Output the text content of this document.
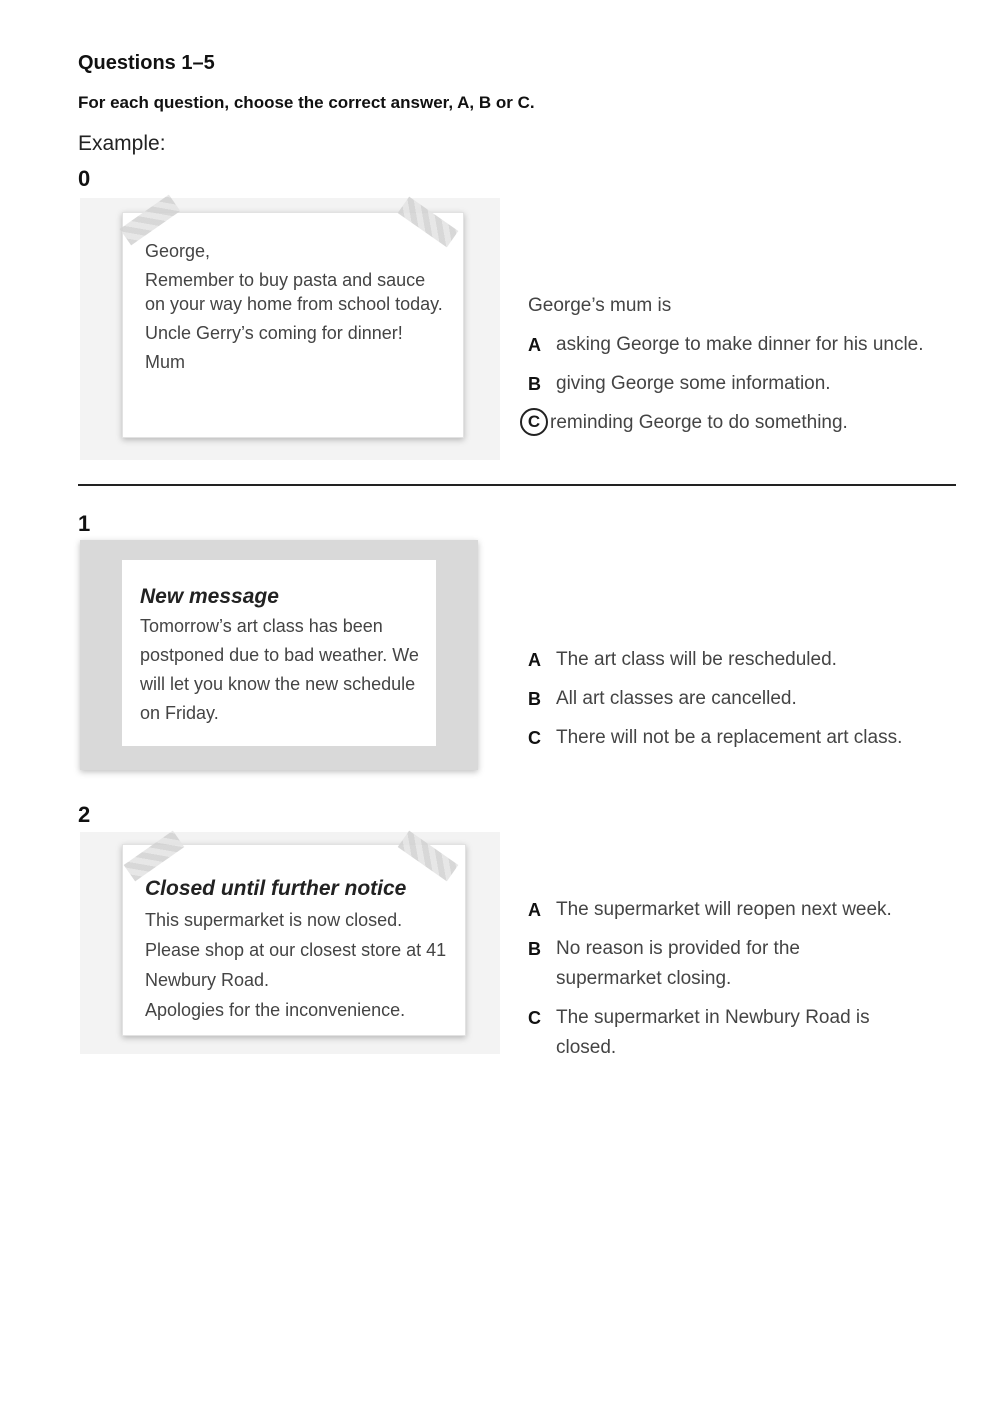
Questions 1–5
For each question, choose the correct answer, A, B or C.
Example:
0

George,

Remember to buy pasta and sauce on your way home from school today.

Uncle Gerry’s coming for dinner!

Mum

George’s mum is
A asking George to make dinner for his uncle.
B giving George some information.
C reminding George to do something.
1
New message
Tomorrow’s art class has been postponed due to bad weather. We will let you know the new schedule on Friday.
A The art class will be rescheduled.
B All art classes are cancelled.
C There will not be a replacement art class.
2
Closed until further notice
This supermarket is now closed.
Please shop at our closest store at 41 Newbury Road.
Apologies for the inconvenience.
A The supermarket will reopen next week.
B No reason is provided for the supermarket closing.
C The supermarket in Newbury Road is closed.
